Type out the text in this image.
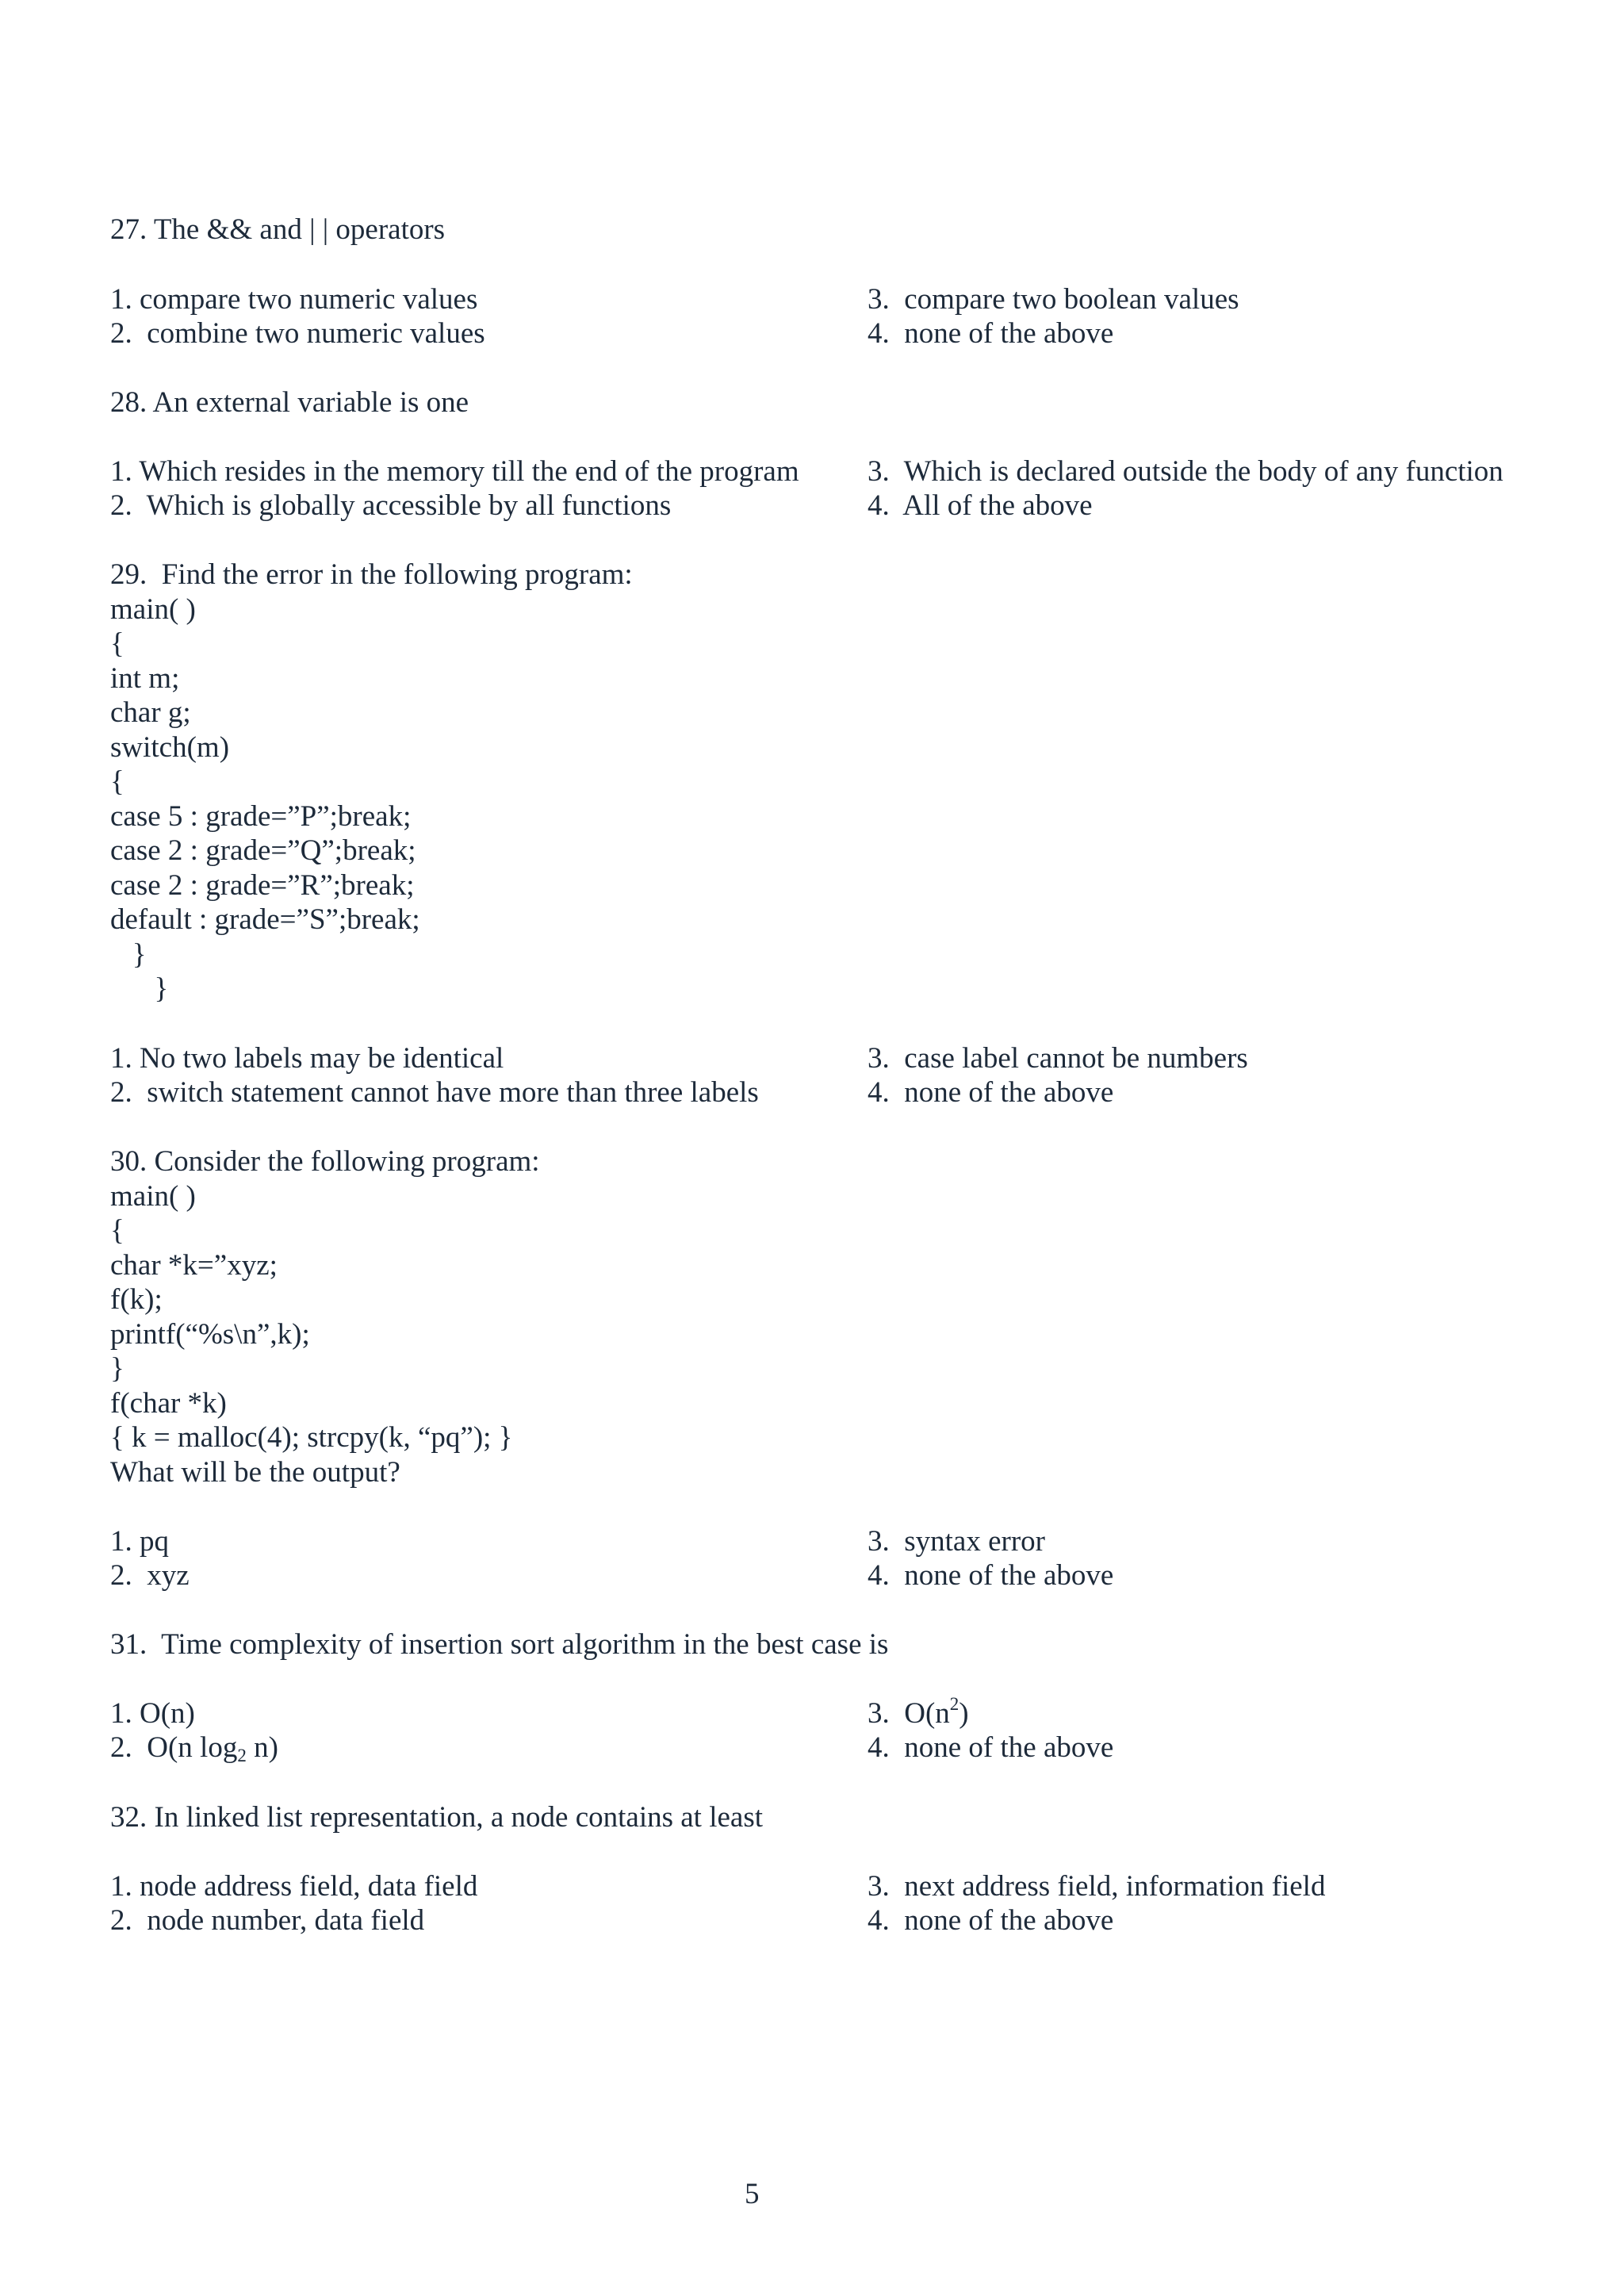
27. The && and | | operators
1. compare two numeric values
2.  combine two numeric values
3.  compare two boolean values
4.  none of the above
28. An external variable is one
1. Which resides in the memory till the end of the program
2.  Which is globally accessible by all functions
3.  Which is declared outside the body of any function
4.  All of the above
29.  Find the error in the following program:
main( )
{
int m;
char g;
switch(m)
{
case 5 : grade=”P”;break;
case 2 : grade=”Q”;break;
case 2 : grade=”R”;break;
default : grade=”S”;break;
}
}
1. No two labels may be identical
2.  switch statement cannot have more than three labels
3.  case label cannot be numbers
4.  none of the above
30. Consider the following program:
main( )
{
char *k=”xyz;
f(k);
printf(“%s\n”,k);
}
f(char *k)
{ k = malloc(4); strcpy(k, “pq”); }
What will be the output?
1. pq
2.  xyz
3.  syntax error
4.  none of the above
31.  Time complexity of insertion sort algorithm in the best case is
1. O(n)
2.  O(n $\log_2 n$)
3.  $O(n^2)$
4.  none of the above
32. In linked list representation, a node contains at least
1. node address field, data field
2.  node number, data field
3.  next address field, information field
4.  none of the above
5
